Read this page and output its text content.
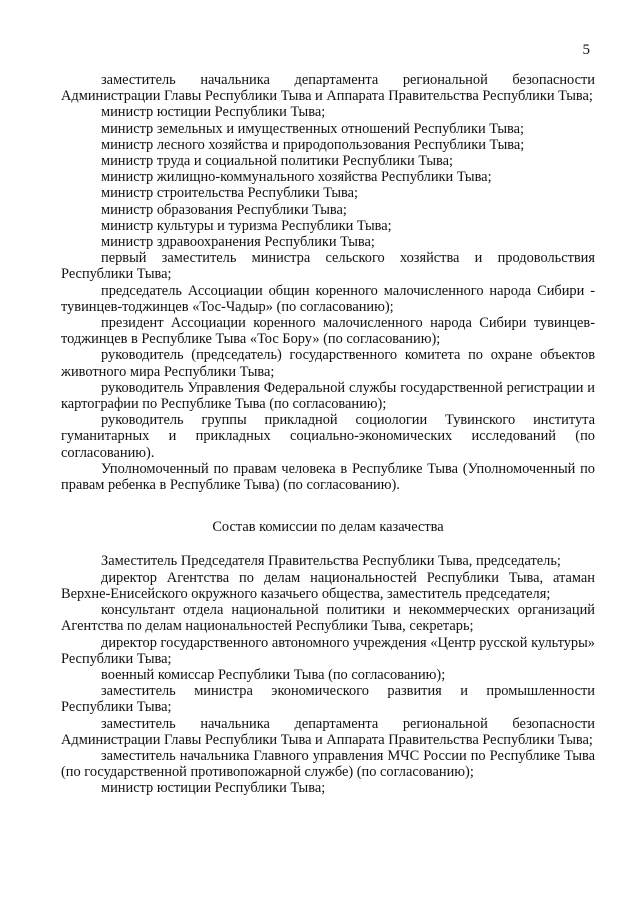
5

заместитель начальника департамента региональной безопасности Администрации Главы Республики Тыва и Аппарата Правительства Республики Тыва;

министр юстиции Республики Тыва;

министр земельных и имущественных отношений Республики Тыва;

министр лесного хозяйства и природопользования Республики Тыва;

министр труда и социальной политики Республики Тыва;

министр жилищно-коммунального хозяйства Республики Тыва;

министр строительства Республики Тыва;

министр образования Республики Тыва;

министр культуры и туризма Республики Тыва;

министр здравоохранения Республики Тыва;

первый заместитель министра сельского хозяйства и продовольствия Республики Тыва;

председатель Ассоциации общин коренного малочисленного народа Сибири - тувинцев-тоджинцев «Тос-Чадыр» (по согласованию);

президент Ассоциации коренного малочисленного народа Сибири тувинцев-тоджинцев в Республике Тыва «Тос Бору» (по согласованию);

руководитель (председатель) государственного комитета по охране объектов животного мира Республики Тыва;

руководитель Управления Федеральной службы государственной регистрации и картографии по Республике Тыва (по согласованию);

руководитель группы прикладной социологии Тувинского института гуманитарных и прикладных социально-экономических исследований (по согласованию).

Уполномоченный по правам человека в Республике Тыва (Уполномоченный по правам ребенка в Республике Тыва) (по согласованию).

Состав комиссии по делам казачества

Заместитель Председателя Правительства Республики Тыва, председатель;

директор Агентства по делам национальностей Республики Тыва, атаман Верхне-Енисейского окружного казачьего общества, заместитель председателя;

консультант отдела национальной политики и некоммерческих организаций Агентства по делам национальностей Республики Тыва, секретарь;

директор государственного автономного учреждения «Центр русской культуры» Республики Тыва;

военный комиссар Республики Тыва (по согласованию);

заместитель министра экономического развития и промышленности Республики Тыва;

заместитель начальника департамента региональной безопасности Администрации Главы Республики Тыва и Аппарата Правительства Республики Тыва;

заместитель начальника Главного управления МЧС России по Республике Тыва (по государственной противопожарной службе) (по согласованию);

министр юстиции Республики Тыва;
